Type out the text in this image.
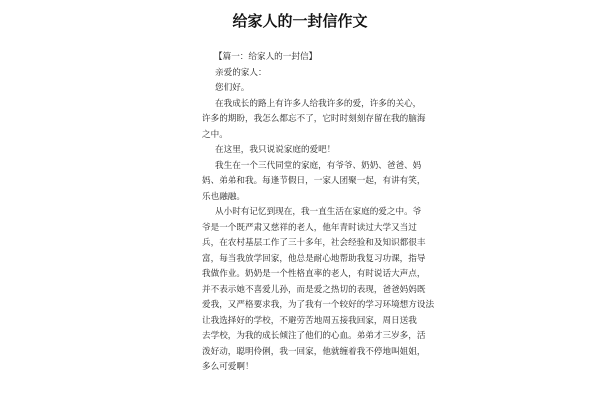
给家人的一封信作文
【篇一：给家人的一封信】
亲爱的家人：
您们好。
在我成长的路上有许多人给我许多的爱，许多的关心，
许多的期盼，我怎么都忘不了，它时时刻刻存留在我的脑海
之中。
在这里，我只说说家庭的爱吧！
我生在一个三代同堂的家庭，有爷爷、奶奶、爸爸、妈
妈、弟弟和我。每逢节假日，一家人团聚一起，有讲有笑，
乐也融融。
从小时有记忆到现在，我一直生活在家庭的爱之中。爷
爷是一个既严肃又慈祥的老人，他年青时读过大学又当过
兵，在农村基层工作了三十多年，社会经验和及知识都很丰
富，每当我放学回家，他总是耐心地帮助我复习功课，指导
我做作业。奶奶是一个性格直率的老人，有时说话大声点，
并不表示她不喜爱儿孙，而是爱之热切的表现，爸爸妈妈既
爱我，又严格要求我，为了我有一个较好的学习环境想方设法
让我选择好的学校，不避劳苦地周五接我回家，周日送我
去学校，为我的成长倾注了他们的心血。弟弟才三岁多，活
泼好动，聪明伶俐，我一回家，他就缠着我不停地叫姐姐，
多么可爱啊！
